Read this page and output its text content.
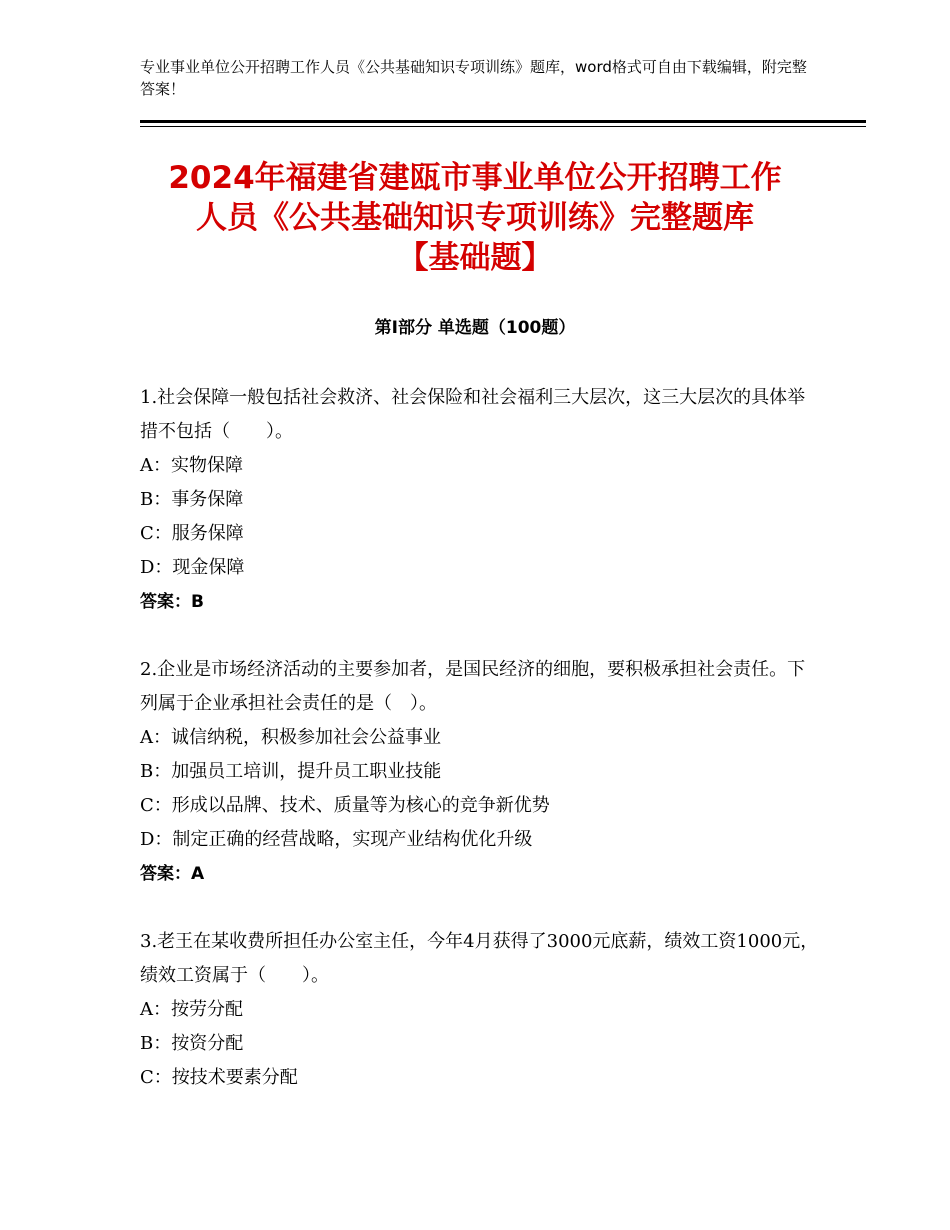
专业事业单位公开招聘工作人员《公共基础知识专项训练》题库，word格式可自由下载编辑，附完整答案！
2024年福建省建瓯市事业单位公开招聘工作
人员《公共基础知识专项训练》完整题库
【基础题】
第I部分 单选题（100题）

1.社会保障一般包括社会救济、社会保险和社会福利三大层次，这三大层次的具体举措不包括（　　）。

A：实物保障

B：事务保障

C：服务保障

D：现金保障

答案：B

2.企业是市场经济活动的主要参加者，是国民经济的细胞，要积极承担社会责任。下列属于企业承担社会责任的是（　）。

A：诚信纳税，积极参加社会公益事业

B：加强员工培训，提升员工职业技能

C：形成以品牌、技术、质量等为核心的竞争新优势

D：制定正确的经营战略，实现产业结构优化升级

答案：A

3.老王在某收费所担任办公室主任，今年4月获得了3000元底薪，绩效工资1000元，绩效工资属于（　　）。

A：按劳分配

B：按资分配

C：按技术要素分配
